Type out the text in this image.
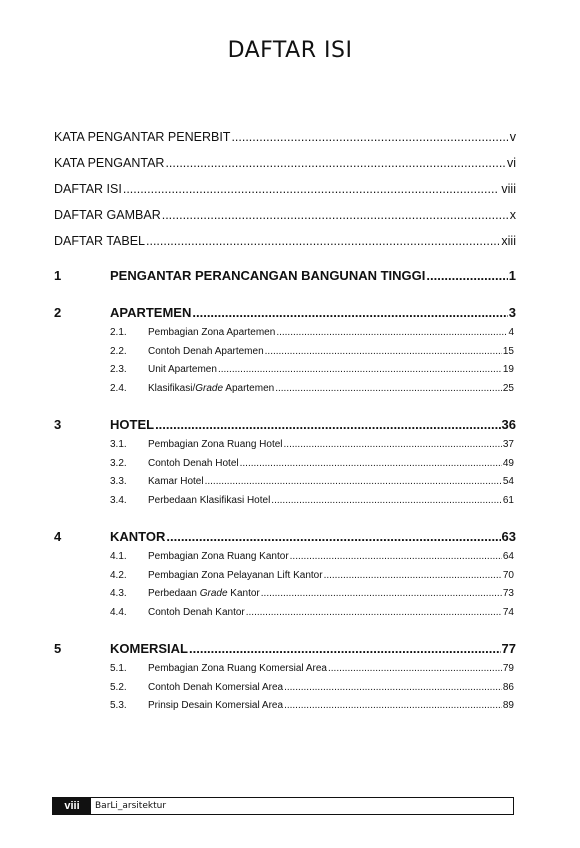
DAFTAR ISI
KATA PENGANTAR PENERBIT .....	v
KATA PENGANTAR .....	vi
DAFTAR ISI .....	viii
DAFTAR GAMBAR .....	x
DAFTAR TABEL .....	xiii
1	PENGANTAR PERANCANGAN BANGUNAN TINGGI .....	1
2	APARTEMEN .....	3
2.1.	Pembagian Zona Apartemen .....	4
2.2.	Contoh Denah Apartemen .....	15
2.3.	Unit Apartemen .....	19
2.4.	Klasifikasi/Grade Apartemen .....	25
3	HOTEL .....	36
3.1.	Pembagian Zona Ruang Hotel .....	37
3.2.	Contoh Denah Hotel .....	49
3.3.	Kamar Hotel .....	54
3.4.	Perbedaan Klasifikasi Hotel .....	61
4	KANTOR .....	63
4.1.	Pembagian Zona Ruang Kantor .....	64
4.2.	Pembagian Zona Pelayanan Lift Kantor .....	70
4.3.	Perbedaan Grade Kantor .....	73
4.4.	Contoh Denah Kantor .....	74
5	KOMERSIAL .....	77
5.1.	Pembagian Zona Ruang Komersial Area .....	79
5.2.	Contoh Denah Komersial Area .....	86
5.3.	Prinsip Desain Komersial Area .....	89
viii	BarLi_arsitektur
